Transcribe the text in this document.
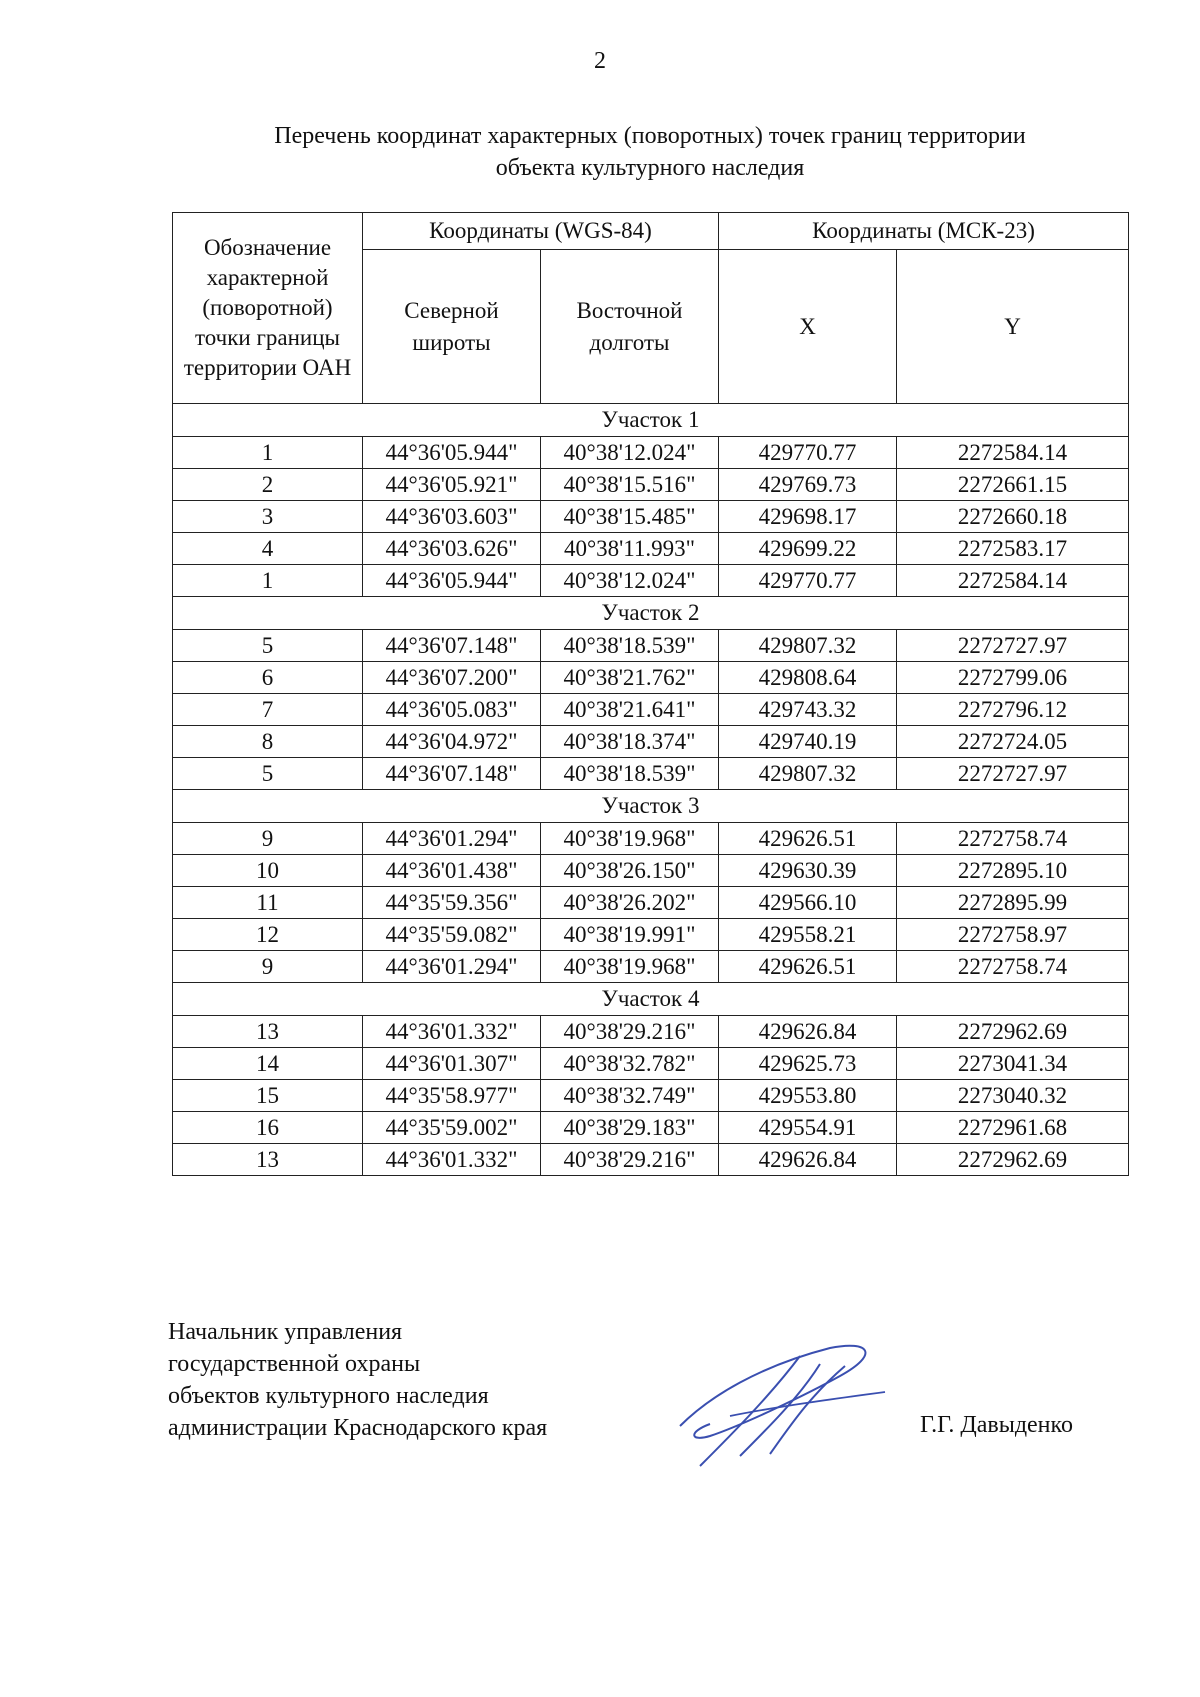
2
Перечень координат характерных (поворотных) точек границ территории
объекта культурного наследия
Обозначение характерной (поворотной) точки границы территории ОАН	Координаты (WGS-84)		Координаты (МСК-23)	
	Северной широты	Восточной долготы	X	Y
Участок 1				
1	44°36'05.944"	40°38'12.024"	429770.77	2272584.14
2	44°36'05.921"	40°38'15.516"	429769.73	2272661.15
3	44°36'03.603"	40°38'15.485"	429698.17	2272660.18
4	44°36'03.626"	40°38'11.993"	429699.22	2272583.17
1	44°36'05.944"	40°38'12.024"	429770.77	2272584.14
Участок 2				
5	44°36'07.148"	40°38'18.539"	429807.32	2272727.97
6	44°36'07.200"	40°38'21.762"	429808.64	2272799.06
7	44°36'05.083"	40°38'21.641"	429743.32	2272796.12
8	44°36'04.972"	40°38'18.374"	429740.19	2272724.05
5	44°36'07.148"	40°38'18.539"	429807.32	2272727.97
Участок 3				
9	44°36'01.294"	40°38'19.968"	429626.51	2272758.74
10	44°36'01.438"	40°38'26.150"	429630.39	2272895.10
11	44°35'59.356"	40°38'26.202"	429566.10	2272895.99
12	44°35'59.082"	40°38'19.991"	429558.21	2272758.97
9	44°36'01.294"	40°38'19.968"	429626.51	2272758.74
Участок 4				
13	44°36'01.332"	40°38'29.216"	429626.84	2272962.69
14	44°36'01.307"	40°38'32.782"	429625.73	2273041.34
15	44°35'58.977"	40°38'32.749"	429553.80	2273040.32
16	44°35'59.002"	40°38'29.183"	429554.91	2272961.68
13	44°36'01.332"	40°38'29.216"	429626.84	2272962.69
Начальник управления
государственной охраны
объектов культурного наследия
администрации Краснодарского края	Г.Г. Давыденко
